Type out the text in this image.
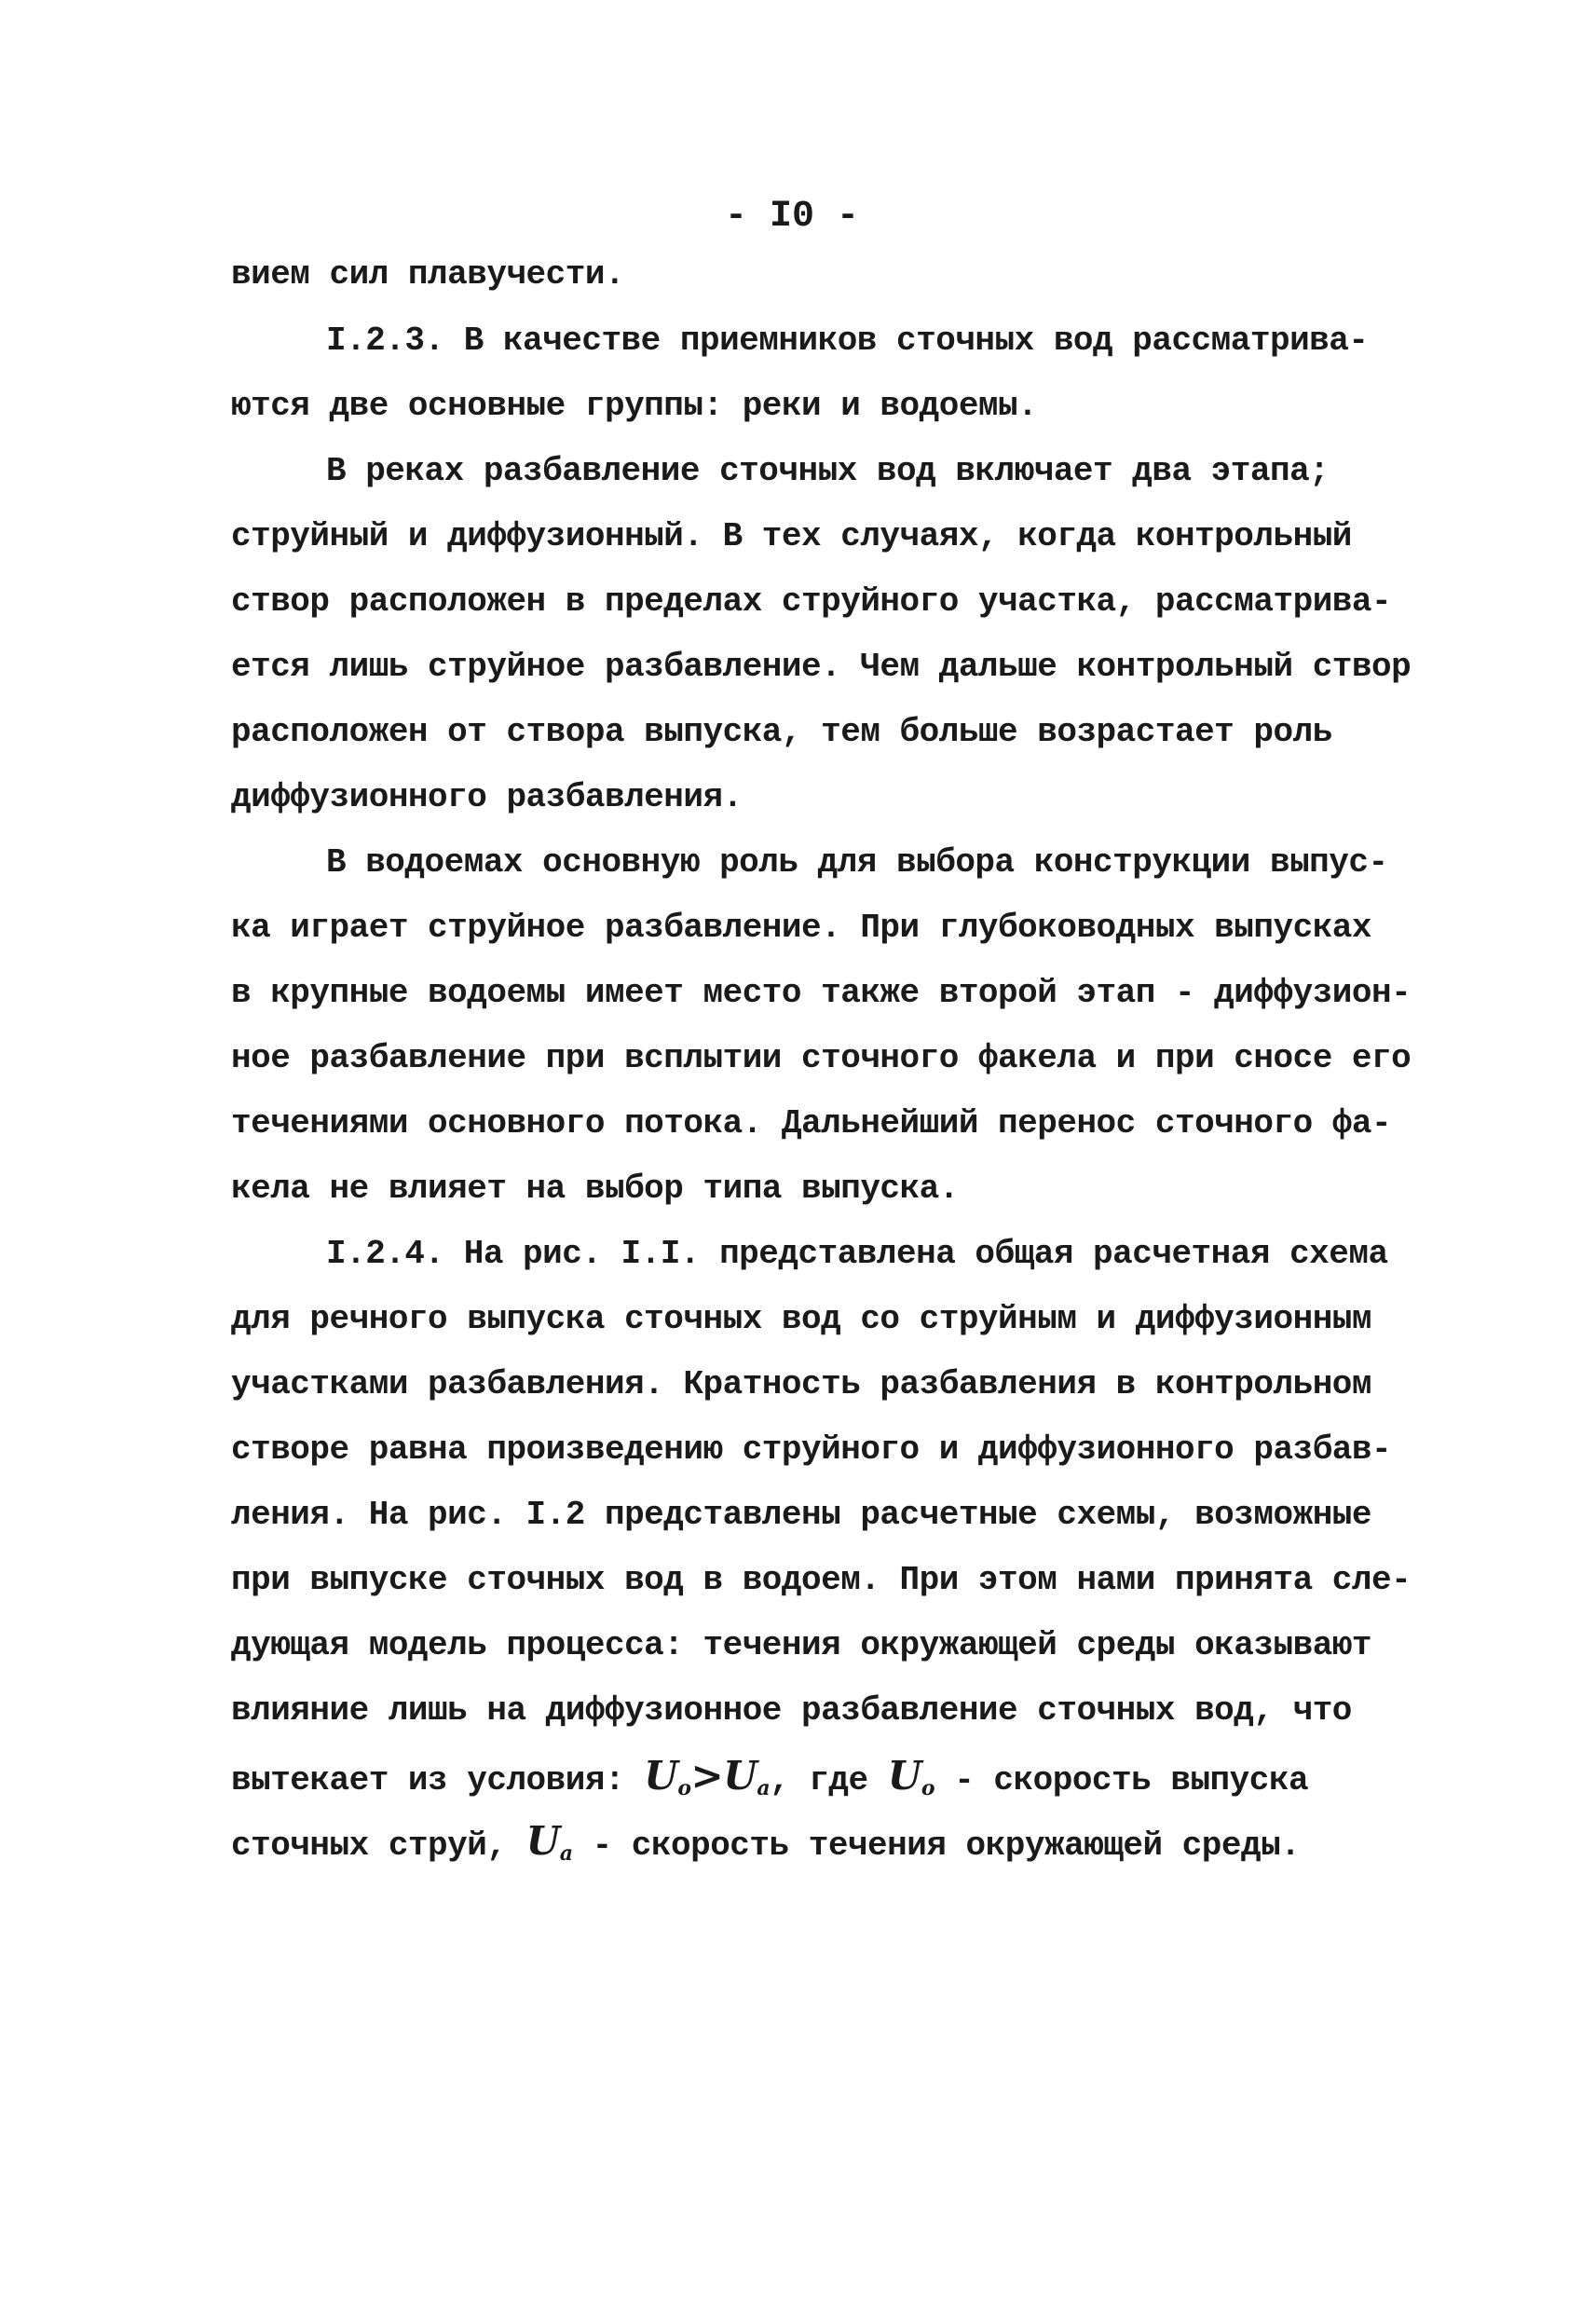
- I0 -
вием сил плавучести.
I.2.3. В качестве приемников сточных вод рассматрива-
ются две основные группы: реки и водоемы.
В реках разбавление сточных вод включает два этапа;
струйный и диффузионный. В тех случаях, когда контрольный
створ расположен в пределах струйного участка, рассматрива-
ется лишь струйное разбавление. Чем дальше контрольный створ
расположен от створа выпуска, тем больше возрастает роль
диффузионного разбавления.
В водоемах основную роль для выбора конструкции выпус-
ка играет струйное разбавление. При глубоководных выпусках
в крупные водоемы имеет место также второй этап - диффузион-
ное разбавление при всплытии сточного факела и при сносе его
течениями основного потока. Дальнейший перенос сточного фа-
кела не влияет на выбор типа выпуска.
I.2.4. На рис. I.I. представлена общая расчетная схема
для речного выпуска сточных вод со струйным и диффузионным
участками разбавления. Кратность разбавления в контрольном
створе равна произведению струйного и диффузионного разбав-
ления. На рис. I.2 представлены расчетные схемы, возможные
при выпуске сточных вод в водоем. При этом нами принята сле-
дующая модель процесса: течения окружающей среды оказывают
влияние лишь на диффузионное разбавление сточных вод, что
вытекает из условия: $U_o>U_a$, где $U_o$ - скорость выпуска
сточных струй, $U_a$ - скорость течения окружающей среды.
